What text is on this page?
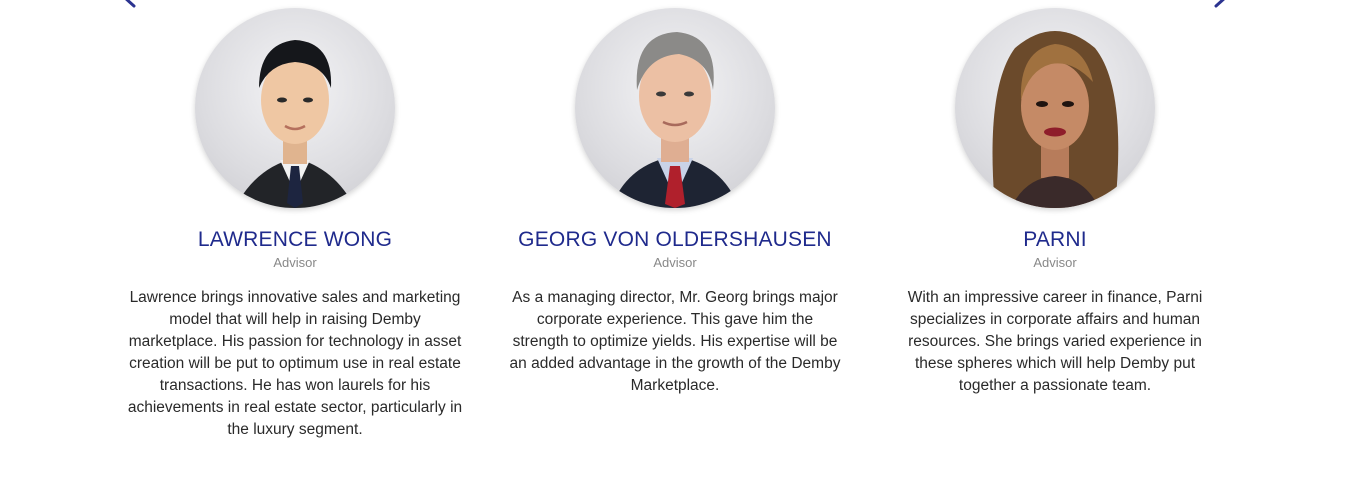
LAWRENCE WONG
Advisor
Lawrence brings innovative sales and marketing model that will help in raising Demby marketplace. His passion for technology in asset creation will be put to optimum use in real estate transactions. He has won laurels for his achievements in real estate sector, particularly in the luxury segment.
GEORG VON OLDERSHAUSEN
Advisor
As a managing director, Mr. Georg brings major corporate experience. This gave him the strength to optimize yields. His expertise will be an added advantage in the growth of the Demby Marketplace.
PARNI
Advisor
With an impressive career in finance, Parni specializes in corporate affairs and human resources. She brings varied experience in these spheres which will help Demby put together a passionate team.
